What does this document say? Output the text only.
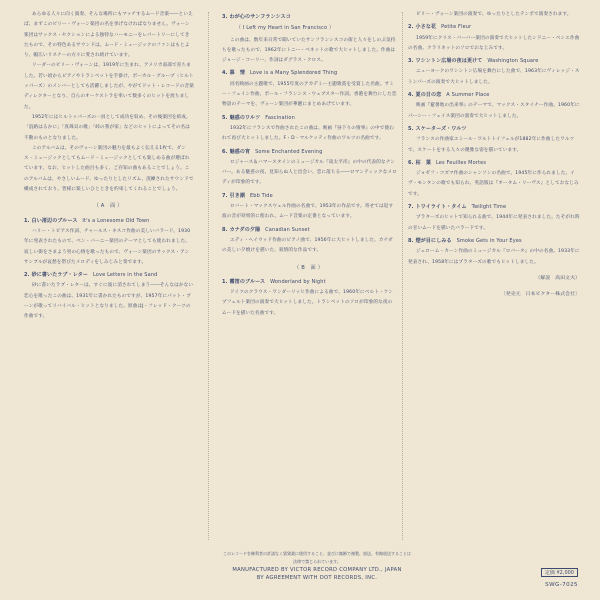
あらゆる人々に向く演奏、そんな場所にもマッチするムード音楽――といえば、まずこのビリー・ヴォーン楽団の名を挙げなければなりません。ヴォーン楽団はサックス・セクションによる独特なハーモニーをレパートリーにしてきたもので、その特色あるサウンドは、ムード・ミュージックのファンはもとより、幅広いリスナーの方々に愛され続けています。

リーダーのビリー・ヴォーンは、1919年に生まれ、アメリカ南部で育ちました。若い頃からピアノやトランペットを手掛け、ボーカル・グループ〈ヒルトッパーズ〉のメンバーとしても活躍しましたが、やがてドット・レコードの音楽ディレクターとなり、自らのオーケストラを率いて数多くのヒットを放ちました。

1952年にはヒルトッパーズの一員として成功を収め、その後楽団を結成。「浪路はるかに」「真珠貝の歌」「峠の我が家」などのヒットによってその名は不動のものとなりました。

このアルバムは、そのヴォーン楽団の魅力を最もよく伝える1枚で、ダンス・ミュージックとしてもムード・ミュージックとしても楽しめる曲が選ばれています。なお、ヒットした曲目も多く、ご存知の曲もあることでしょう。このアルバムは、やさしいムード、ゆったりとしたリズム、洗練されたサウンドで構成されており、皆様に楽しいひとときを約束してくれることでしょう。

（A 面）
1. 白い渚辺のブルース It's a Lonesome Old Town

ハリー・トビアス作詞、チャールス・キスコ作曲の美しいバラード。1930年に発表されたもので、ベン・バーニー楽団のテーマとしても使われました。寂しい街をさまよう男の心情を歌ったもので、ヴォーン楽団のサックス・アンサンブルが哀愁を帯びたメロディをしみじみと奏でます。

2. 砂に書いたラブ・レター Love Letters in the Sand

砂に書いたラブ・レターは、すぐに波に消されてしまう――そんなはかない恋心を歌ったこの曲は、1931年に書かれたものですが、1957年にパット・ブーンが歌ってリバイバル・ヒットとなりました。原曲はJ・フレッド・クーツの作曲です。

3. わが心のサンフランシスコ
（ I Left my Heart in San Francisco ）

この曲は、数年来日常で聞いていたサンフランシスコの街と人々をしのぶ気持ちを歌ったもので、1962年にトニー・ベネットの歌で大ヒットしました。作曲はジョージ・コーリー、作詞はダグラス・クロス。

4. 慕　情 Love is a Many Splendored Thing

同名映画の主題歌で、1955年度のアカデミー主題歌賞を受賞した名曲。サミー・フェイン作曲、ポール・フランシス・ウェブスター作詞。香港を舞台にした恋物語のテーマを、ヴォーン楽団が華麗にまとめあげています。

5. 魅惑のワルツ Fascination

1932年にフランスで作曲されたこの曲は、映画『昼下りの情事』の中で使われて再び大ヒットしました。F・D・マルケッティ作曲のワルツの名曲です。

6. 魅惑の宵 Some Enchanted Evening

ロジャース＆ハマースタインのミュージカル『南太平洋』の中の代表的なナンバー。ある魅惑の夜、見知らぬ人と出会い、恋に落ちる――ロマンティックなメロディが印象的です。

7. 引き潮 Ebb Tide

ロバート・マックスウェル作曲の名曲で、1953年の作品です。寄せては返す波の音が効果的に使われ、ムード音楽の定番となっています。

8. カナダの夕陽 Canadian Sunset

エディ・ヘイウッド作曲のピアノ曲で、1956年に大ヒットしました。カナダの美しい夕焼けを描いた、叙情的な作品です。

（B 面）
1. 霧笛のブルース Wonderland by Night

ドイツのクラウス・ワンダーリッヒ作曲による曲で、1960年にベルト・ケンプフェルト楽団の演奏で大ヒットしました。トランペットのソロが印象的な夜のムードを描いた名曲です。

ビリー・ヴォーン楽団の演奏で、ゆったりとしたテンポで演奏されます。

2. 小さな花 Petite Fleur

1959年にクリス・バーバー楽団の演奏で大ヒットしたシドニー・ベシエ作曲の名曲。クラリネットのソロでおなじみです。

3. ワシントン広場の夜は更けて Washington Square

ニューヨークのワシントン広場を舞台にした曲で、1963年にヴィレッジ・ストンパーズの演奏で大ヒットしました。

4. 夏の日の恋 A Summer Place

映画『避暑地の出来事』のテーマで、マックス・スタイナー作曲。1960年にパーシー・フェイス楽団の演奏で大ヒットしました。

5. スケーターズ・ワルツ

フランスの作曲家エミール・ワルトトイフェルが1882年に作曲したワルツで、スケートをする人々の優雅な姿を描いています。

6. 枯　葉 Les Feuilles Mortes

ジョゼフ・コズマ作曲のシャンソンの名曲で、1945年に作られました。イヴ・モンタンの歌でも知られ、英語版は『オータム・リーヴス』としておなじみです。

7. トワイライト・タイム Twilight Time

プラターズのヒットで知られる曲で、1944年に発表されました。たそがれ時の甘いムードを描いたバラードです。

8. 煙が目にしみる Smoke Gets in Your Eyes

ジェローム・カーン作曲のミュージカル『ロバータ』の中の名曲。1933年に発表され、1958年にはプラターズの歌でもヒットしました。

（解説　高田文夫）
〔発売元　日本ビクター株式会社〕
このレコードを権利者の許諾なく賃貸業に使用すること、並びに無断で複製、放送、有線放送することは法律で禁じられています。
MANUFACTURED BY VICTOR RECORD COMPANY LTD., JAPAN
BY AGREEMENT WITH DOT RECORDS, INC.
定価 ¥2,000
SWG-7025
